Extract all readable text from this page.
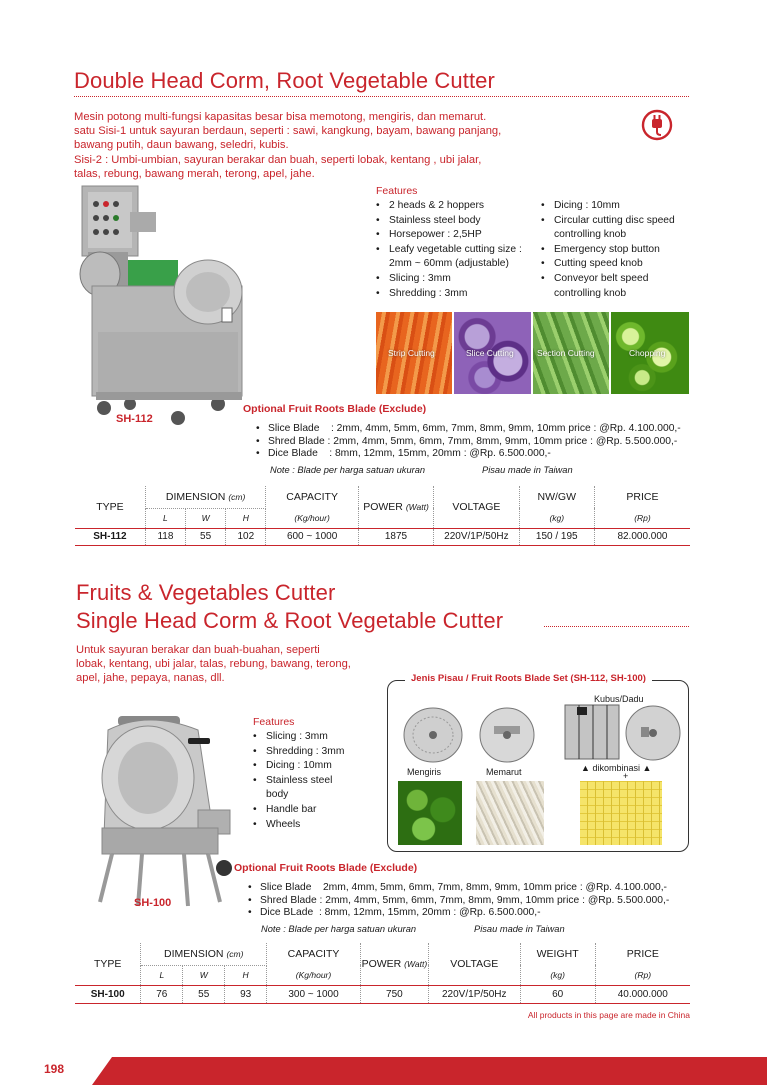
Double Head Corm, Root Vegetable Cutter
Mesin potong multi-fungsi kapasitas besar bisa memotong, mengiris, dan memarut.
satu Sisi-1 untuk sayuran berdaun, seperti : sawi, kangkung, bayam, bawang panjang,
bawang putih, daun bawang, seledri, kubis.
Sisi-2 : Umbi-umbian, sayuran berakar dan buah, seperti lobak, kentang , ubi jalar,
talas, rebung, bawang merah, terong, apel, jahe.
SH-112
Features
• 2 heads & 2 hoppers
• Stainless steel body
• Horsepower : 2,5HP
• Leafy vegetable cutting size :
2mm ~ 60mm (adjustable)
• Slicing : 3mm
• Shredding : 3mm
• Dicing : 10mm
• Circular cutting disc speed
controlling knob
• Emergency stop button
• Cutting speed knob
• Conveyor belt speed
controlling knob
Strip Cutting	Slice Cutting	Section Cutting	Chopping
Optional Fruit Roots Blade (Exclude)
• Slice Blade    : 2mm, 4mm, 5mm, 6mm, 7mm, 8mm, 9mm, 10mm price : @Rp. 4.100.000,-
• Shred Blade : 2mm, 4mm, 5mm, 6mm, 7mm, 8mm, 9mm, 10mm price : @Rp. 5.500.000,-
• Dice Blade    : 8mm, 12mm, 15mm, 20mm : @Rp. 6.500.000,-
Note : Blade per harga satuan ukuran	Pisau made in Taiwan
TYPE	DIMENSION (cm)			CAPACITY	POWER (Watt)	VOLTAGE	NW/GW	PRICE
	L	W	H	(Kg/hour)			(kg)	(Rp)
SH-112	118	55	102	600 ~ 1000	1875	220V/1P/50Hz	150 / 195	82.000.000
Fruits & Vegetables Cutter
Single Head Corm & Root Vegetable Cutter
Untuk sayuran berakar dan buah-buahan, seperti
lobak, kentang, ubi jalar, talas, rebung, bawang, terong,
apel, jahe, pepaya, nanas, dll.
SH-100
Features
• Slicing : 3mm
• Shredding : 3mm
• Dicing : 10mm
• Stainless steel
body
• Handle bar
• Wheels
Jenis Pisau / Fruit Roots Blade Set (SH-112, SH-100)
Kubus/Dadu
Mengiris	Memarut	▲ dikombinasi ▲
+
Optional Fruit Roots Blade (Exclude)
• Slice Blade    2mm, 4mm, 5mm, 6mm, 7mm, 8mm, 9mm, 10mm price : @Rp. 4.100.000,-
• Shred Blade : 2mm, 4mm, 5mm, 6mm, 7mm, 8mm, 9mm, 10mm price : @Rp. 5.500.000,-
• Dice BLade  : 8mm, 12mm, 15mm, 20mm : @Rp. 6.500.000,-
Note : Blade per harga satuan ukuran	Pisau made in Taiwan
TYPE	DIMENSION (cm)			CAPACITY	POWER (Watt)	VOLTAGE	WEIGHT	PRICE
	L	W	H	(Kg/hour)			(kg)	(Rp)
SH-100	76	55	93	300 ~ 1000	750	220V/1P/50Hz	60	40.000.000
All products in this page are made in China
198
